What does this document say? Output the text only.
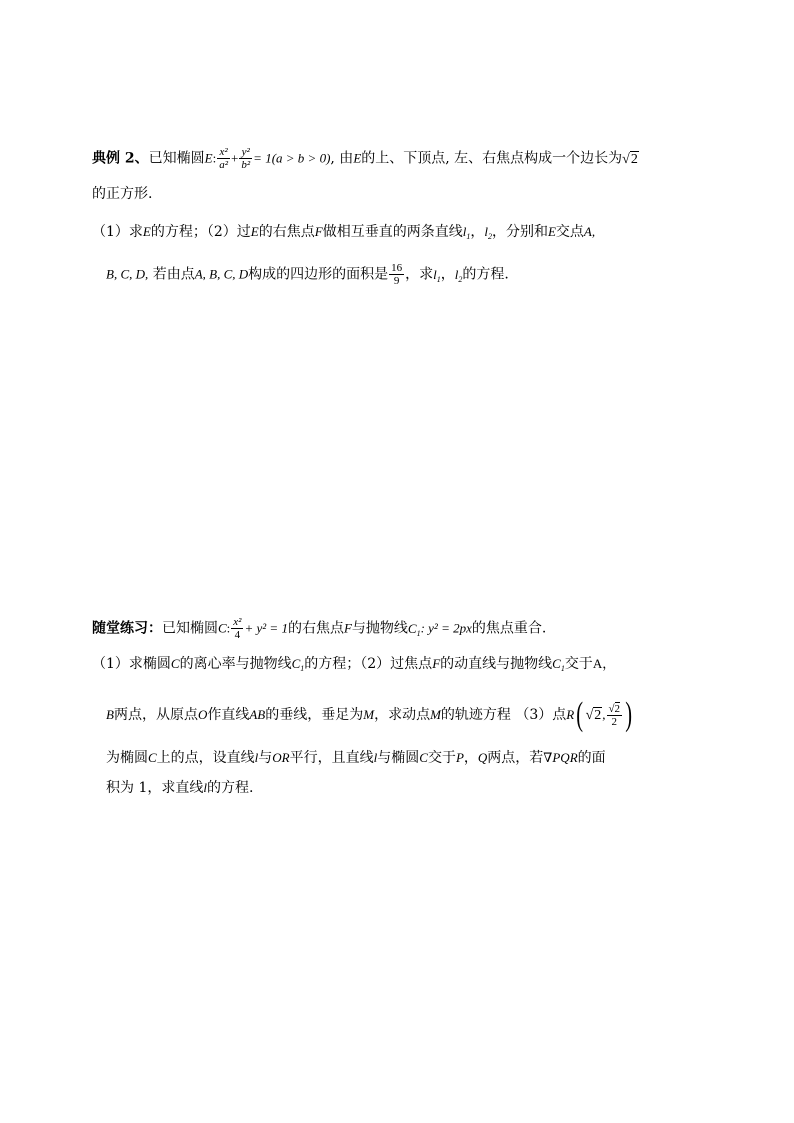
典例 2、已知椭圆E: $\frac{\text{x²}}{\text{a²}} + \frac{\text{y²}}{\text{b²}} = 1(a > b > 0)$, 由E的上、下顶点, 左、右焦点构成一个边长为√2
的正方形.
（1）求E的方程；（2）过E的右焦点F做相互垂直的两条直线$l_1$，$l_2$，分别和E交点A,
B, C, D, 若由点A, B, C, D构成的四边形的面积是 $\frac{16}{9}$ ，求$l_1$，$l_2$的方程.
随堂练习：已知椭圆C: $\frac{\text{x²}}{4} + y^2 = 1$的右焦点F与抛物线$C_1$: y² = 2px的焦点重合.
（1）求椭圆C的离心率与抛物线$C_1$的方程；（2）过焦点F的动直线与抛物线$C_1$交于A，
B两点，从原点O作直线AB的垂线，垂足为M，求动点M的轨迹方程 （3）点R( √2, $\frac{√2}{2}$ )
为椭圆C上的点，设直线l与OR平行，且直线l与椭圆C交于P，Q两点，若∇PQR的面
积为 1，求直线l的方程.
